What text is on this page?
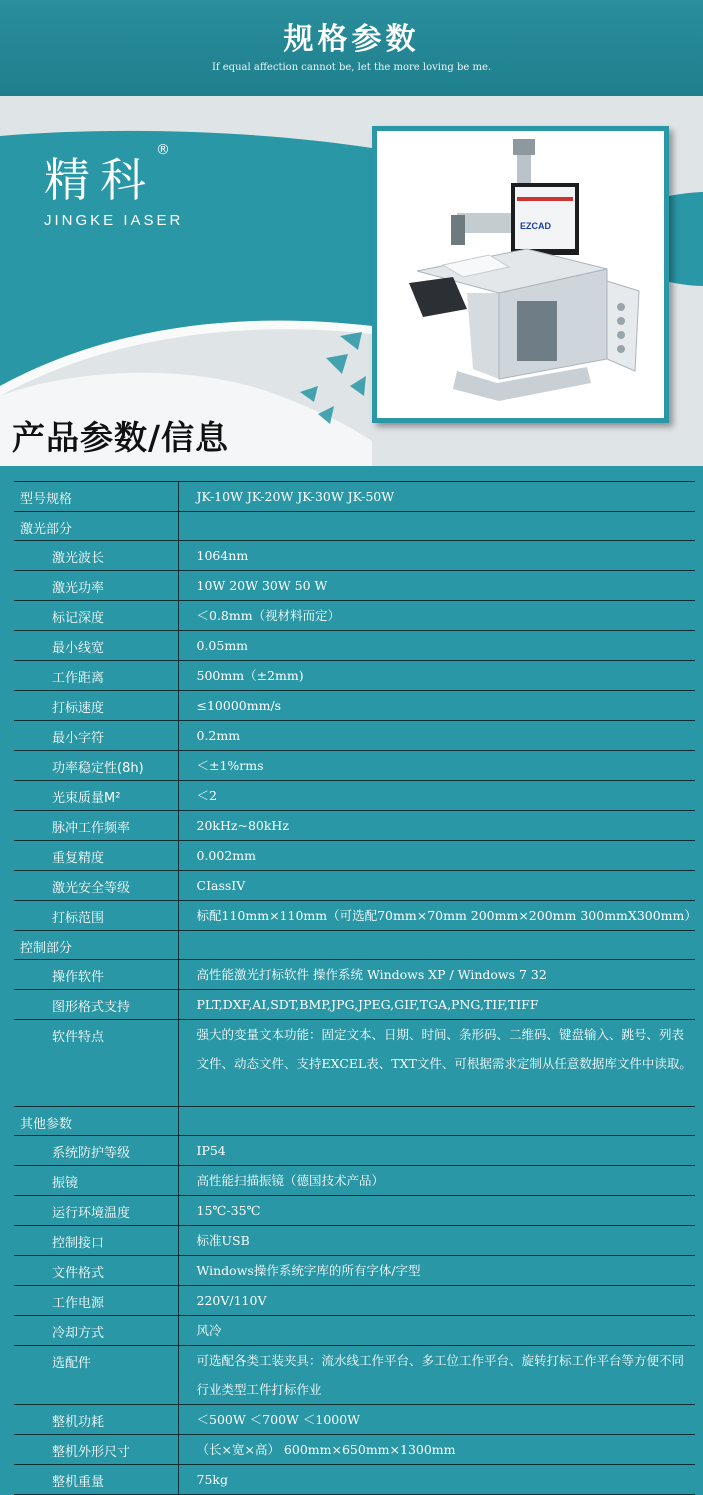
规格参数
If equal affection cannot be, let the more loving be me.
精科
®
JINGKE IASER	EZCAD
产品参数/信息
型号规格	JK-10W JK-20W JK-30W JK-50W
激光部分	
激光波长	1064nm
激光功率	10W 20W 30W 50 W
标记深度	＜0.8mm（视材料而定）
最小线宽	0.05mm
工作距离	500mm（±2mm)
打标速度	≤10000mm/s
最小字符	0.2mm
功率稳定性(8h)	＜±1%rms
光束质量M²	＜2
脉冲工作频率	20kHz~80kHz
重复精度	0.002mm
激光安全等级	CIassIV
打标范围	标配110mm×110mm（可选配70mm×70mm 200mm×200mm 300mmX300mm）
控制部分	
操作软件	高性能激光打标软件 操作系统 Windows XP / Windows 7 32
图形格式支持	PLT,DXF,AI,SDT,BMP,JPG,JPEG,GIF,TGA,PNG,TIF,TIFF
软件特点	强大的变量文本功能：固定文本、日期、时间、条形码、二维码、键盘输入、跳号、列表文件、动态文件、支持EXCEL表、TXT文件、可根据需求定制从任意数据库文件中读取。
其他参数	
系统防护等级	IP54
振镜	高性能扫描振镜（德国技术产品）
运行环境温度	15℃-35℃
控制接口	标准USB
文件格式	Windows操作系统字库的所有字体/字型
工作电源	220V/110V
冷却方式	风冷
选配件	可选配各类工装夹具：流水线工作平台、多工位工作平台、旋转打标工作平台等方便不同行业类型工件打标作业
整机功耗	＜500W ＜700W ＜1000W
整机外形尺寸	（长×宽×高） 600mm×650mm×1300mm
整机重量	75kg
